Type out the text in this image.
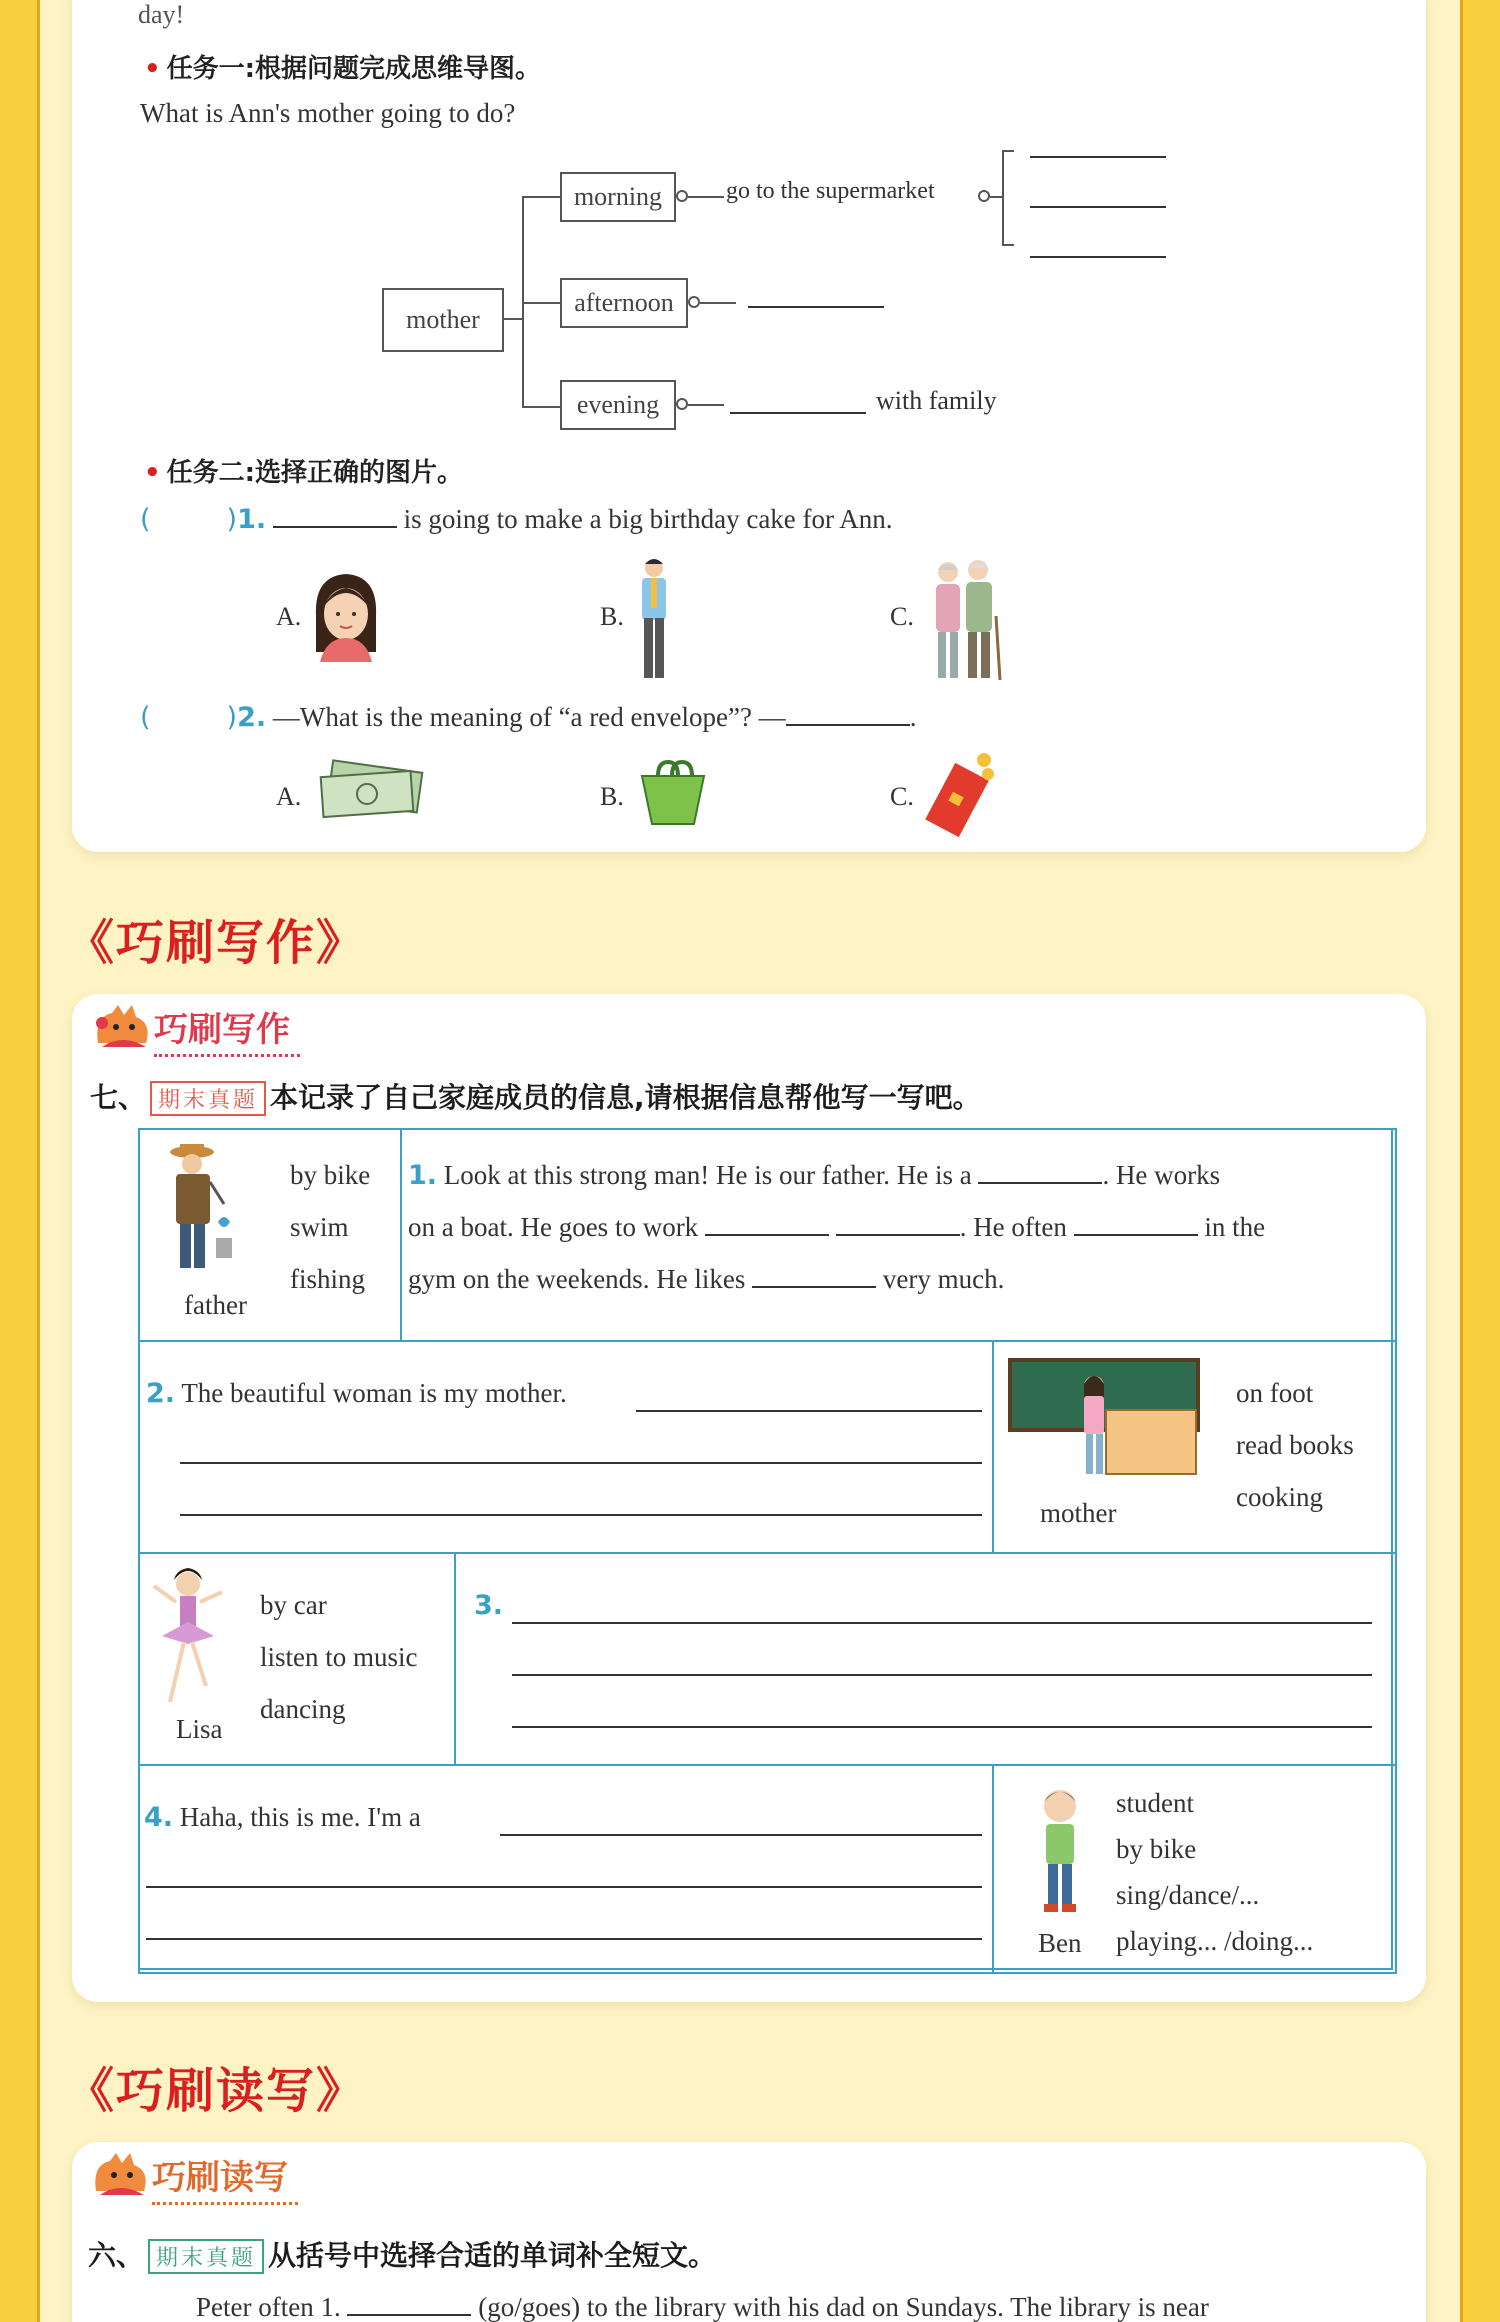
day!
• 任务一:根据问题完成思维导图。
What is Ann's mother going to do?
mother
morning	go to the supermarket
afternoon
evening	with family
• 任务二:选择正确的图片。
(	)1.	is going to make a big birthday cake for Ann.
A.	B.	C.
(	)2. —What is the meaning of “a red envelope”? —	.
A.	B.	C.
《巧刷写作》
巧刷写作
七、 期末真题 本记录了自己家庭成员的信息,请根据信息帮他写一写吧。
father
by bike
swim
fishing
1. Look at this strong man! He is our father. He is a	. He works
on a boat. He goes to work	. He often	in the
gym on the weekends. He likes	very much.
2. The beautiful woman is my mother.
mother
on foot
read books
cooking
Lisa
by car
listen to music
dancing
3.
4. Haha, this is me. I'm a
Ben
student
by bike
sing/dance/...
playing... /doing...
《巧刷读写》
巧刷读写
六、 期末真题 从括号中选择合适的单词补全短文。
Peter often 1.	(go/goes) to the library with his dad on Sundays. The library is near
